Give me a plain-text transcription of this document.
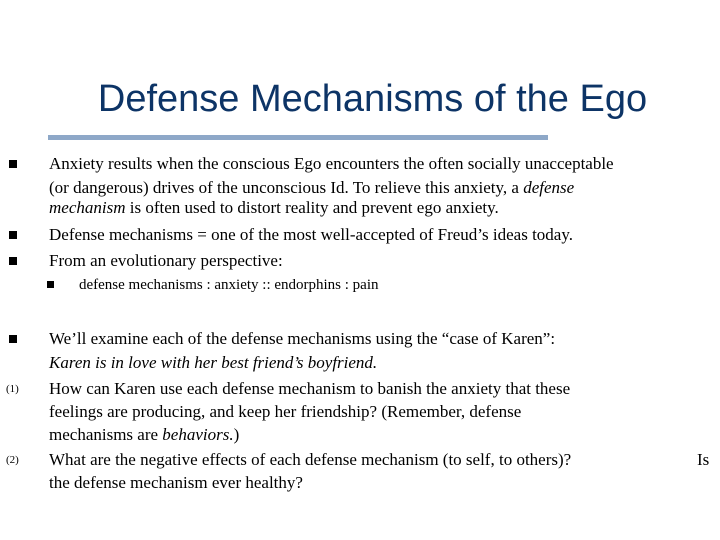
Defense Mechanisms of the Ego
Anxiety results when the conscious Ego encounters the often socially unacceptable
(or dangerous) drives of the unconscious Id. To relieve this anxiety, a defense
mechanism is often used to distort reality and prevent ego anxiety.
Defense mechanisms = one of the most well-accepted of Freud’s ideas today.
From an evolutionary perspective:
defense mechanisms : anxiety :: endorphins : pain
We’ll examine each of the defense mechanisms using the “case of Karen”:
Karen is in love with her best friend’s boyfriend.
(1) How can Karen use each defense mechanism to banish the anxiety that these
feelings are producing, and keep her friendship? (Remember, defense
mechanisms are behaviors.)
(2) What are the negative effects of each defense mechanism (to self, to others)?	Is
the defense mechanism ever healthy?
